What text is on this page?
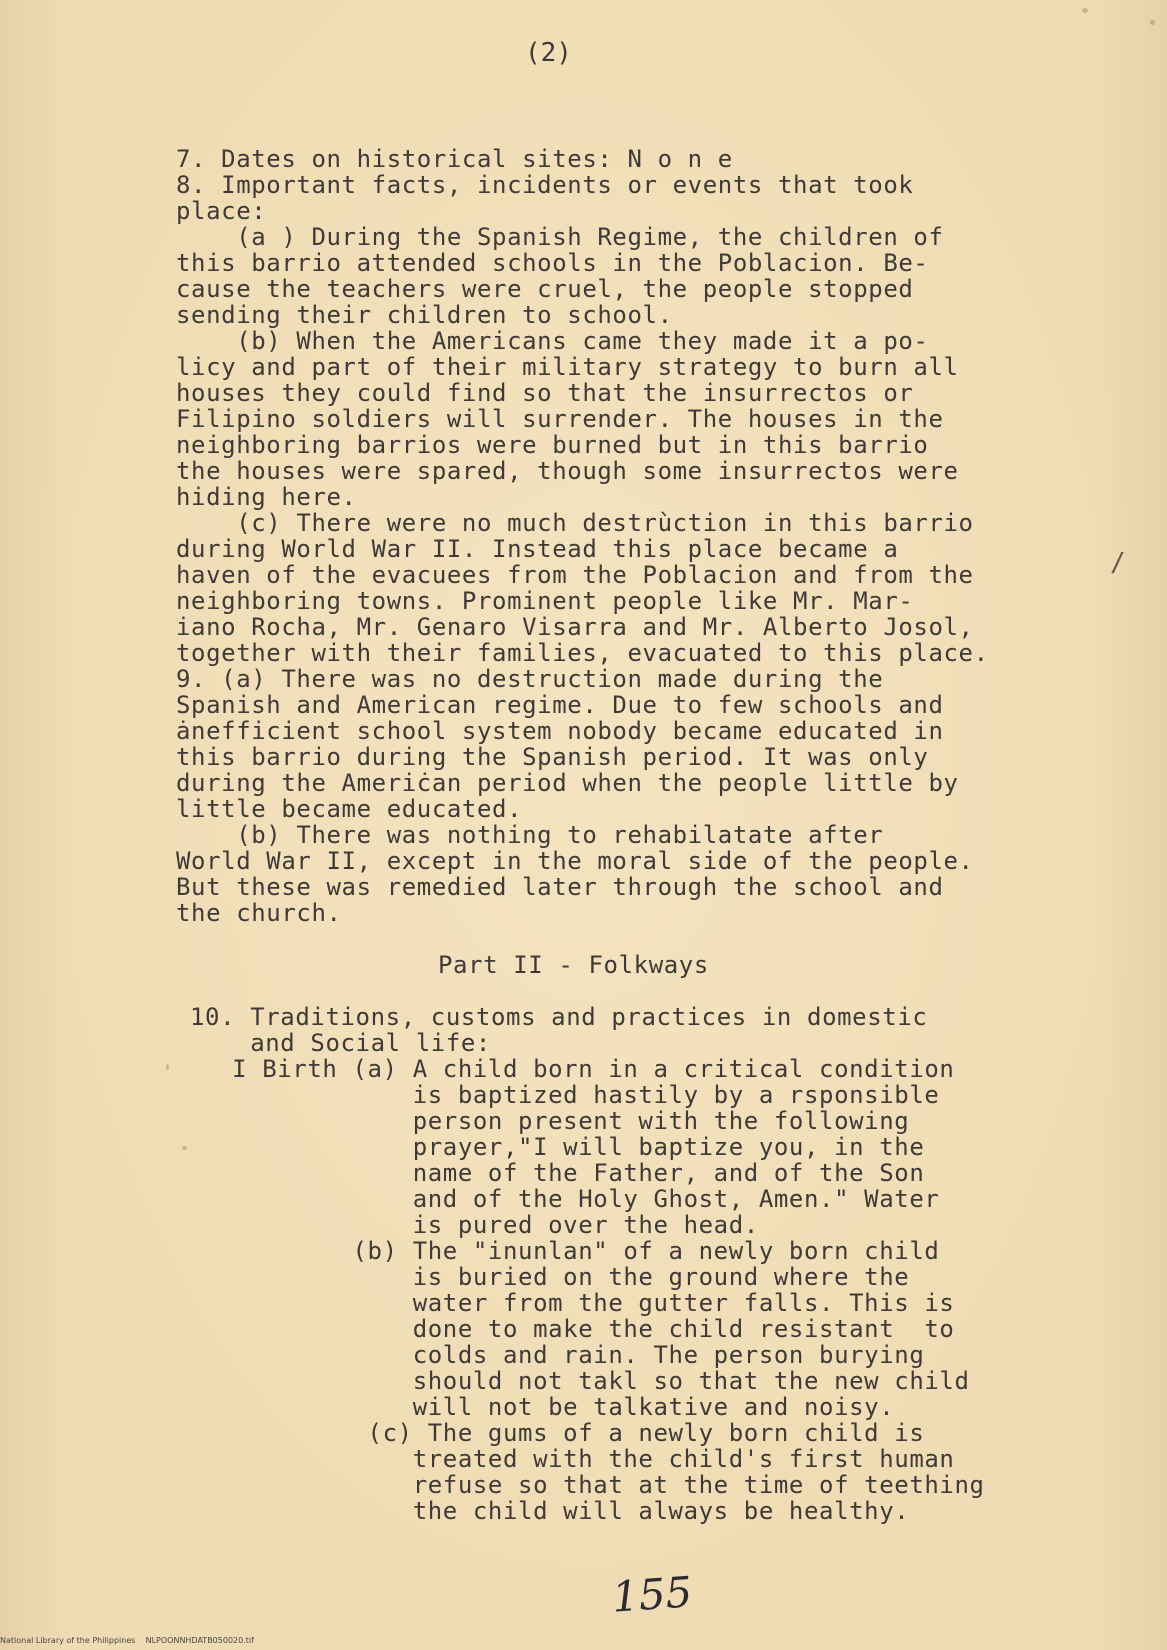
(2)
7. Dates on historical sites: N o n e
8. Important facts, incidents or events that took
place:
(a ) During the Spanish Regime, the children of
this barrio attended schools in the Poblacion. Be-
cause the teachers were cruel, the people stopped
sending their children to school.
(b) When the Americans came they made it a po-
licy and part of their military strategy to burn all
houses they could find so that the insurrectos or
Filipino soldiers will surrender. The houses in the
neighboring barrios were burned but in this barrio
the houses were spared, though some insurrectos were
hiding here.
(c) There were no much destrùction in this barrio
during World War II. Instead this place became a
haven of the evacuees from the Poblacion and from the
neighboring towns. Prominent people like Mr. Mar-
iano Rocha, Mr. Genaro Visarra and Mr. Alberto Josol,
together with their families, evacuated to this place.
9. (a) There was no destruction made during the
Spanish and American regime. Due to few schools and
ȧnefficient school system nobody became educated in
this barrio during the Spanish period. It was only
during the Ameriċan period when the people little by
little became educated.
(b) There was nothing to rehabilatate after
World War II, except in the moral side of the people.
But these was remedied later through the school and
the church.
Part II - Folkways
10. Traditions, customs and practices in domestic
and Social life:
I Birth (a) A child born in a critical condition
is baptized hastily by a rsponsible
person present with the following
prayer,"I will baptize you, in the
name of the Father, and of the Son
and of the Holy Ghost, Amen." Water
is pured over the head.
(b) The "inunlan" of a newly born child
is buried on the ground where the
water from the gutter falls. This is
done to make the child resistant  to
colds and rain. The person burying
should not takl so that the new child
will not be talkative and noisy.
(c) The gums of a newly born child is
treated with the child's first human
refuse so that at the time of teething
the child will always be healthy.
155
/
National Library of the Philippines    NLPOONNHDATB050020.tif
